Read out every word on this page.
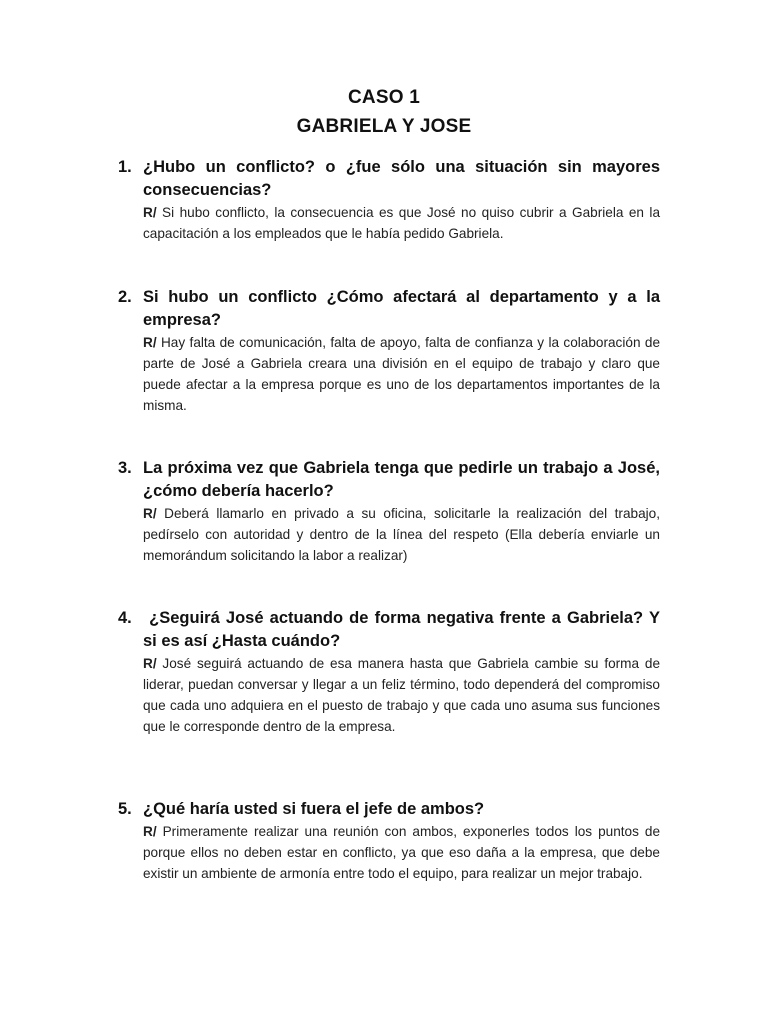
CASO 1
GABRIELA Y JOSE
1. ¿Hubo un conflicto? o ¿fue sólo una situación sin mayores consecuencias?
R/ Si hubo conflicto, la consecuencia es que José no quiso cubrir a Gabriela en la capacitación a los empleados que le había pedido Gabriela.
2. Si hubo un conflicto ¿Cómo afectará al departamento y a la empresa?
R/ Hay falta de comunicación, falta de apoyo, falta de confianza y la colaboración de parte de José a Gabriela creara una división en el equipo de trabajo y claro que puede afectar a la empresa porque es uno de los departamentos importantes de la misma.
3. La próxima vez que Gabriela tenga que pedirle un trabajo a José, ¿cómo debería hacerlo?
R/ Deberá llamarlo en privado a su oficina, solicitarle la realización del trabajo, pedírselo con autoridad y dentro de la línea del respeto (Ella debería enviarle un memorándum solicitando la labor a realizar)
4. ¿Seguirá José actuando de forma negativa frente a Gabriela? Y si es así ¿Hasta cuándo?
R/ José seguirá actuando de esa manera hasta que Gabriela cambie su forma de liderar, puedan conversar y llegar a un feliz término, todo dependerá del compromiso que cada uno adquiera en el puesto de trabajo y que cada uno asuma sus funciones que le corresponde dentro de la empresa.
5. ¿Qué haría usted si fuera el jefe de ambos?
R/ Primeramente realizar una reunión con ambos, exponerles todos los puntos de porque ellos no deben estar en conflicto, ya que eso daña a la empresa, que debe existir un ambiente de armonía entre todo el equipo, para realizar un mejor trabajo.
